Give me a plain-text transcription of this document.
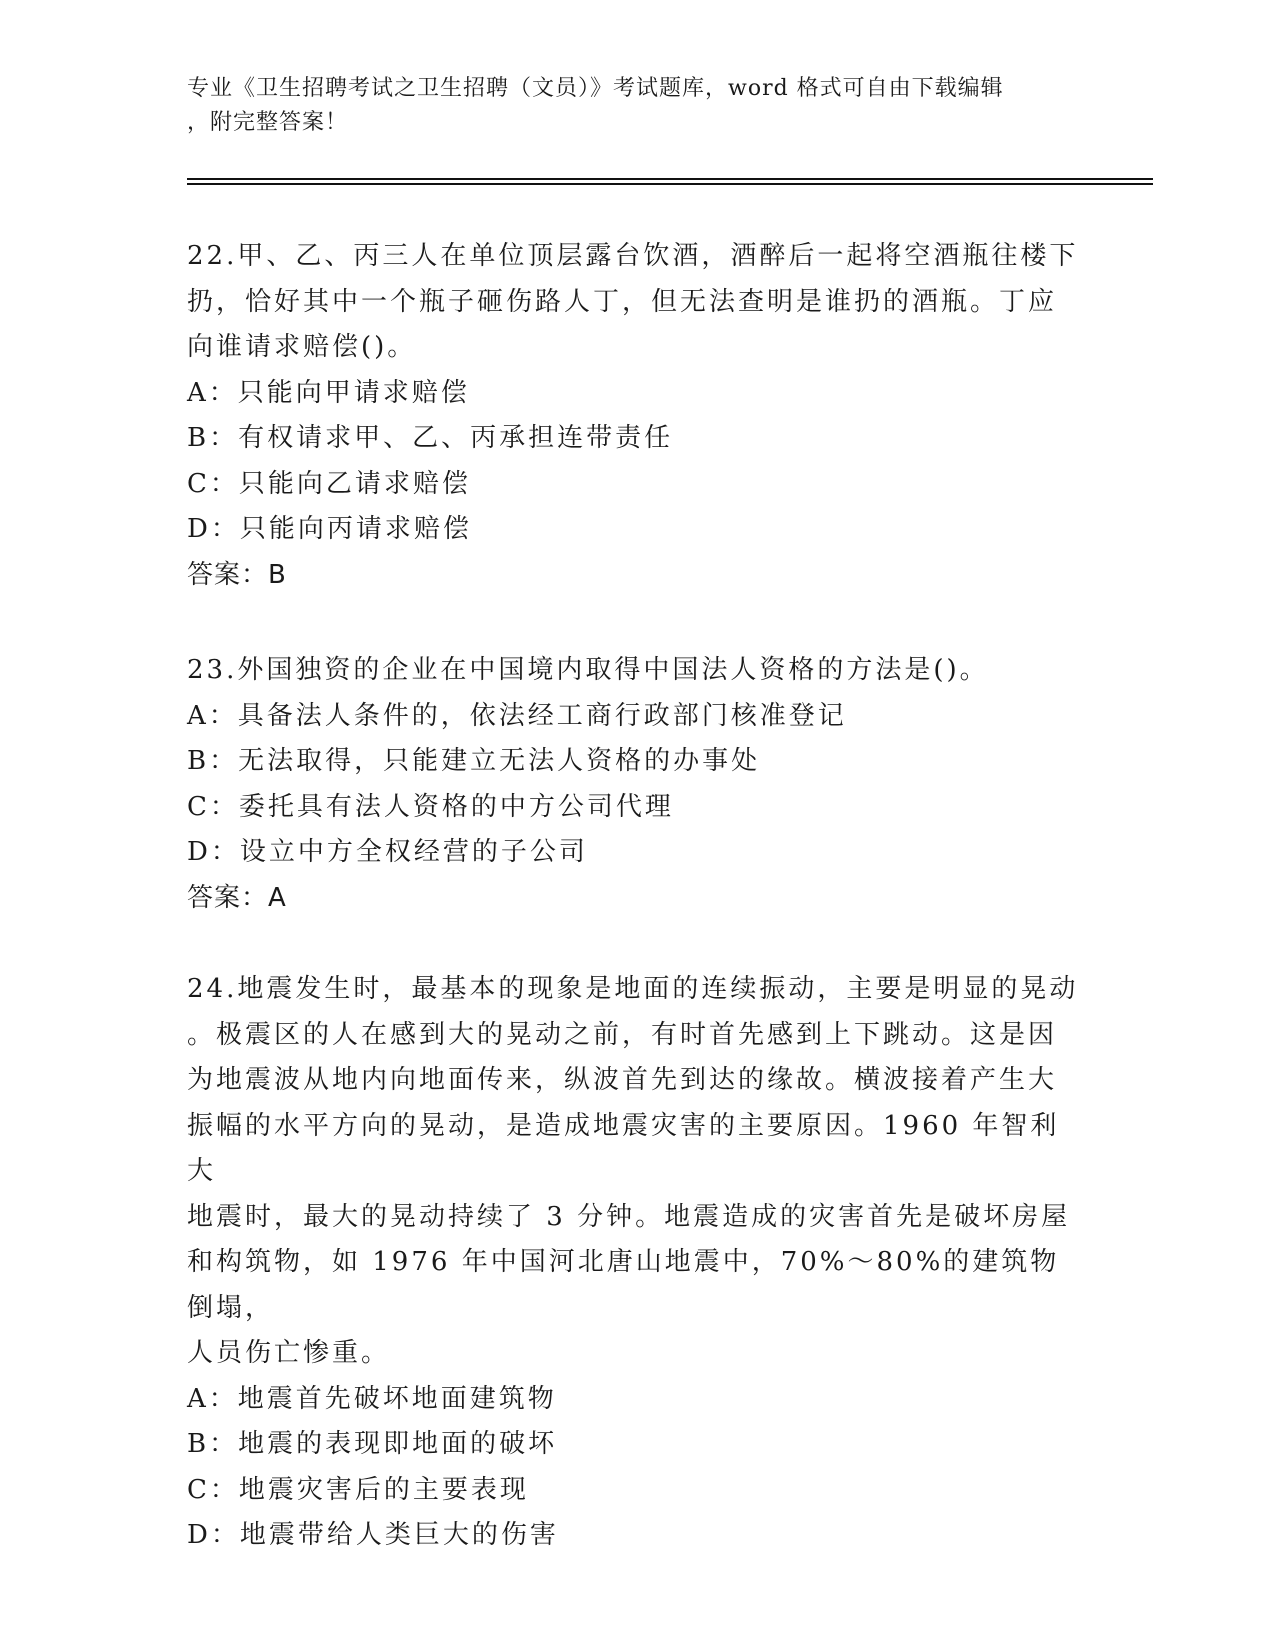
专业《卫生招聘考试之卫生招聘（文员）》考试题库，word 格式可自由下载编辑
，附完整答案！
22.甲、乙、丙三人在单位顶层露台饮酒，酒醉后一起将空酒瓶往楼下
扔，恰好其中一个瓶子砸伤路人丁，但无法查明是谁扔的酒瓶。丁应
向谁请求赔偿()。
A：只能向甲请求赔偿
B：有权请求甲、乙、丙承担连带责任
C：只能向乙请求赔偿
D：只能向丙请求赔偿
答案：B
23.外国独资的企业在中国境内取得中国法人资格的方法是()。
A：具备法人条件的，依法经工商行政部门核准登记
B：无法取得，只能建立无法人资格的办事处
C：委托具有法人资格的中方公司代理
D：设立中方全权经营的子公司
答案：A
24.地震发生时，最基本的现象是地面的连续振动，主要是明显的晃动
。极震区的人在感到大的晃动之前，有时首先感到上下跳动。这是因
为地震波从地内向地面传来，纵波首先到达的缘故。横波接着产生大
振幅的水平方向的晃动，是造成地震灾害的主要原因。1960 年智利大
地震时，最大的晃动持续了 3 分钟。地震造成的灾害首先是破坏房屋
和构筑物，如 1976 年中国河北唐山地震中，70%～80%的建筑物倒塌，
人员伤亡惨重。
A：地震首先破坏地面建筑物
B：地震的表现即地面的破坏
C：地震灾害后的主要表现
D：地震带给人类巨大的伤害
